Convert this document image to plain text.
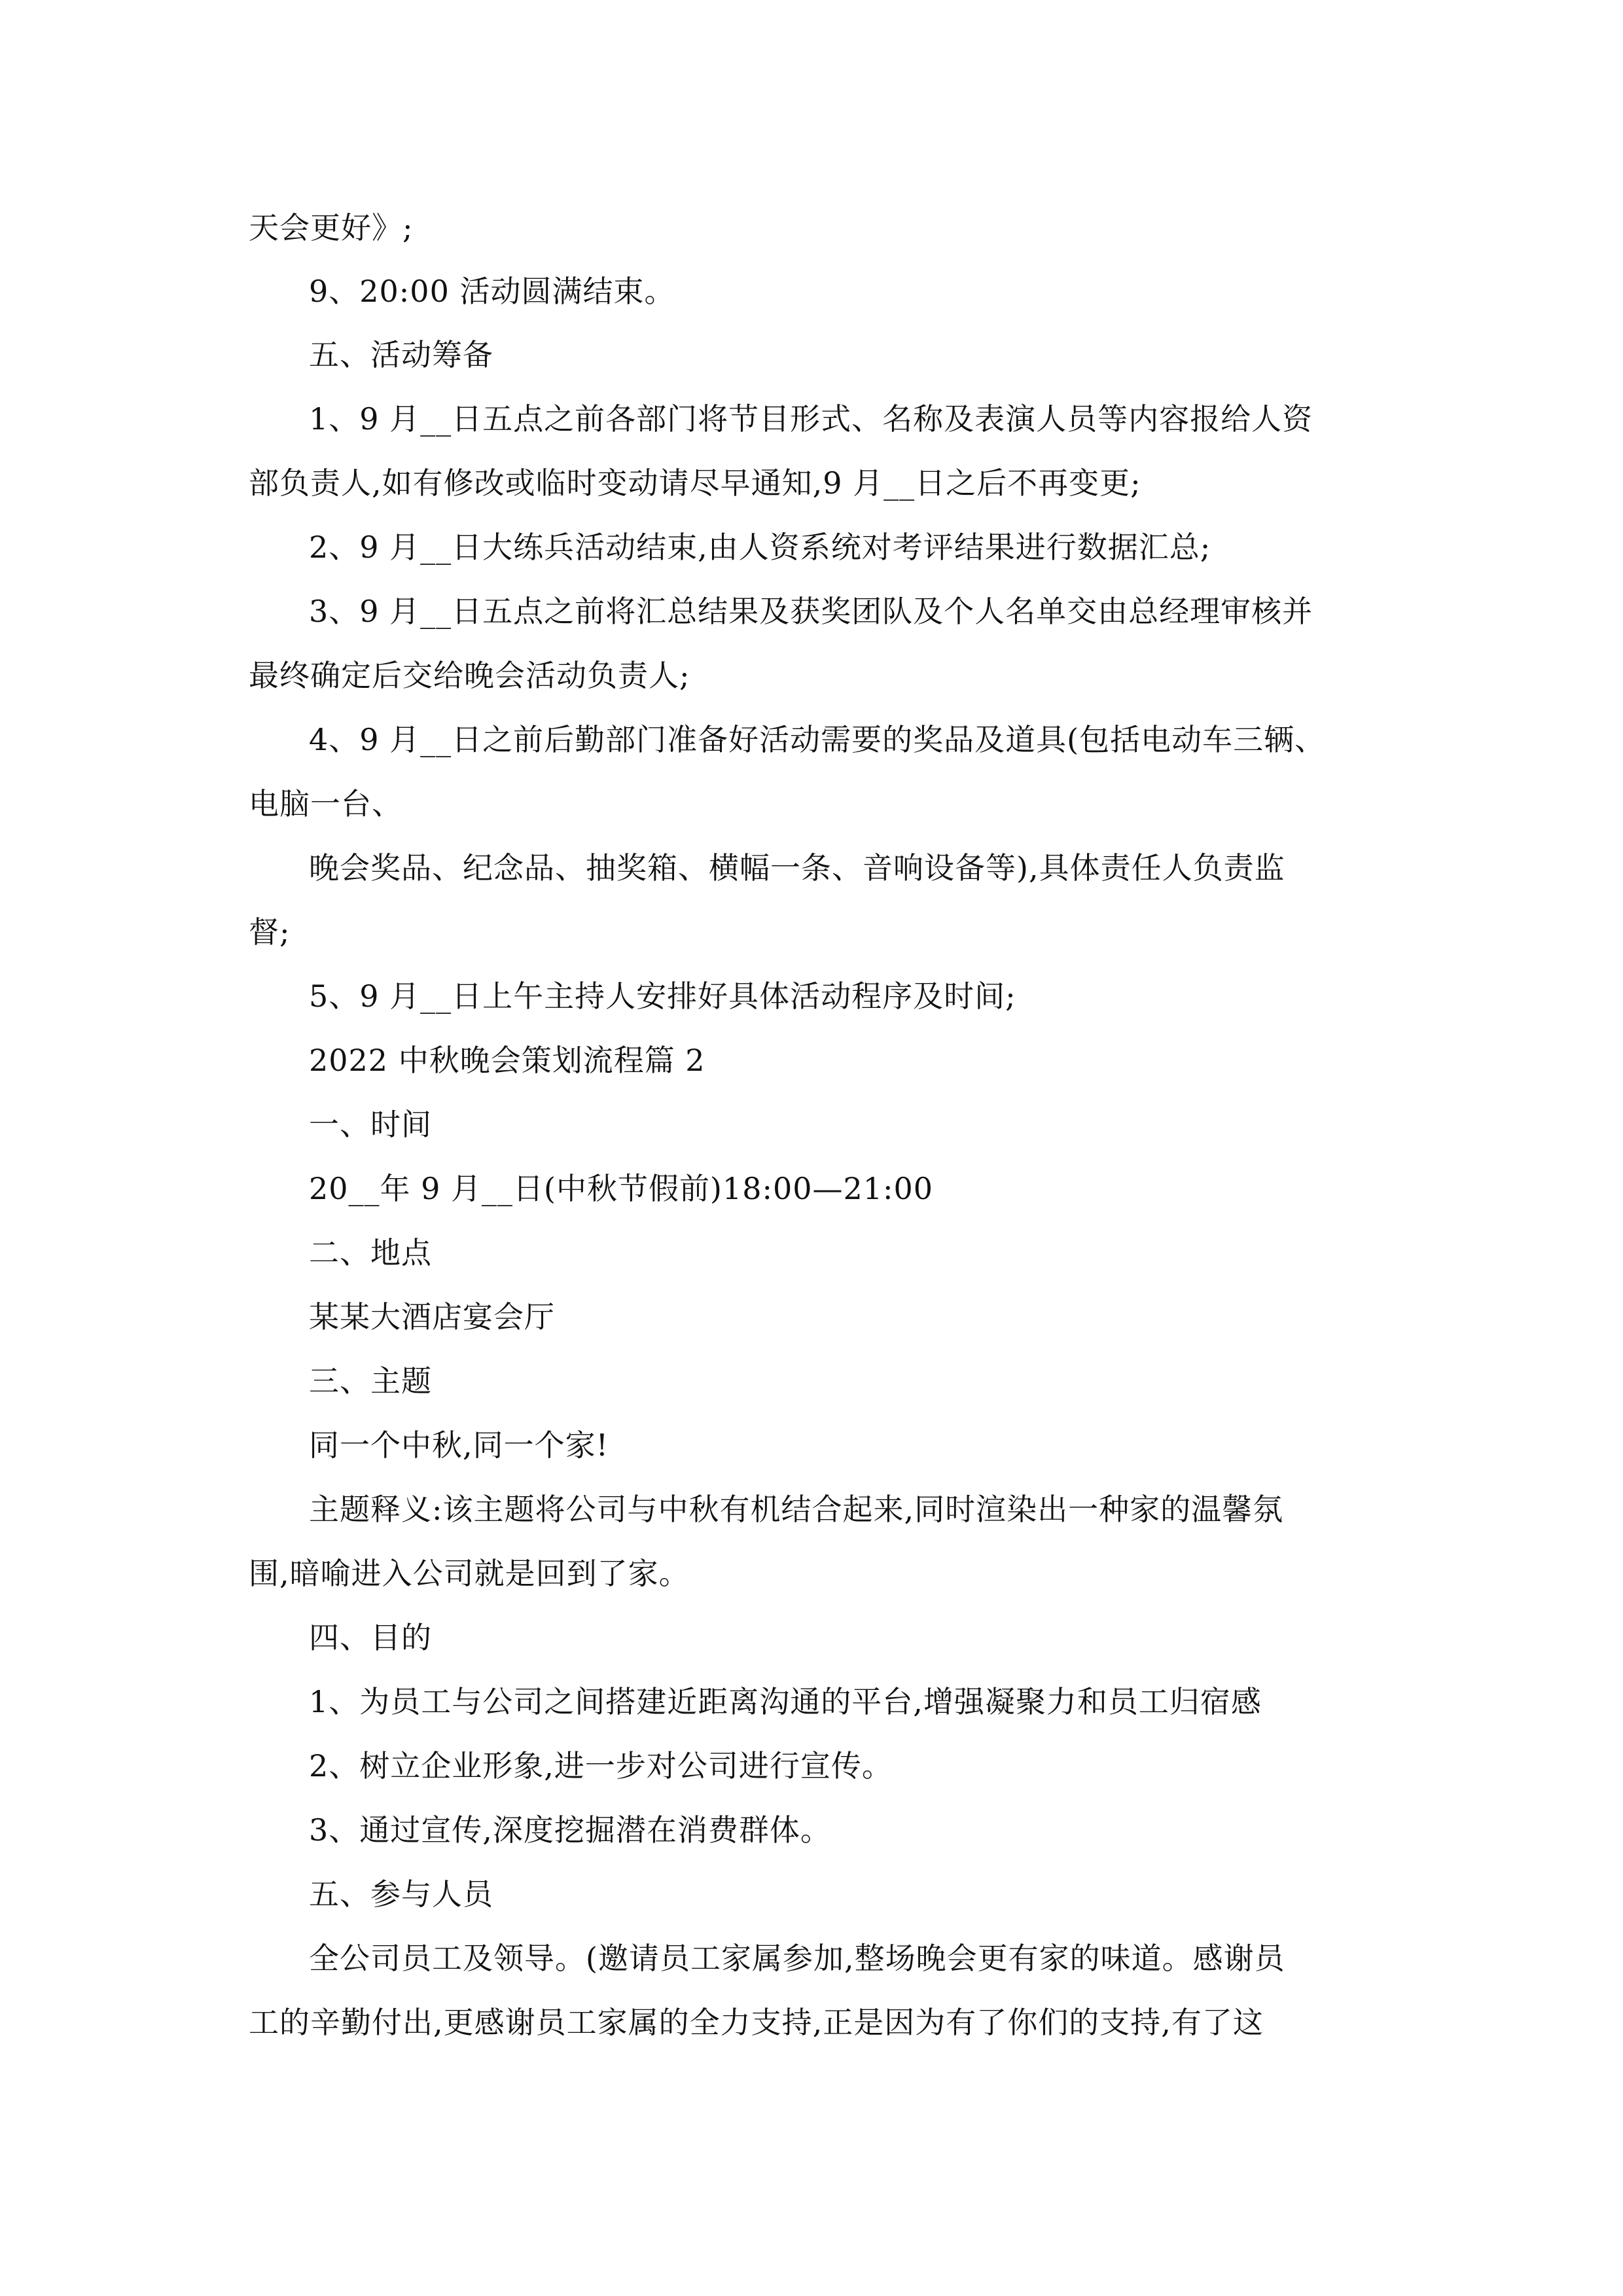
天会更好》;
9、20:00 活动圆满结束。
五、活动筹备
1、9 月__日五点之前各部门将节目形式、名称及表演人员等内容报给人资
部负责人,如有修改或临时变动请尽早通知,9 月__日之后不再变更;
2、9 月__日大练兵活动结束,由人资系统对考评结果进行数据汇总;
3、9 月__日五点之前将汇总结果及获奖团队及个人名单交由总经理审核并
最终确定后交给晚会活动负责人;
4、9 月__日之前后勤部门准备好活动需要的奖品及道具(包括电动车三辆、
电脑一台、
晚会奖品、纪念品、抽奖箱、横幅一条、音响设备等),具体责任人负责监
督;
5、9 月__日上午主持人安排好具体活动程序及时间;
2022 中秋晚会策划流程篇 2
一、时间
20__年 9 月__日(中秋节假前)18:00—21:00
二、地点
某某大酒店宴会厅
三、主题
同一个中秋,同一个家!
主题释义:该主题将公司与中秋有机结合起来,同时渲染出一种家的温馨氛
围,暗喻进入公司就是回到了家。
四、目的
1、为员工与公司之间搭建近距离沟通的平台,增强凝聚力和员工归宿感
2、树立企业形象,进一步对公司进行宣传。
3、通过宣传,深度挖掘潜在消费群体。
五、参与人员
全公司员工及领导。(邀请员工家属参加,整场晚会更有家的味道。感谢员
工的辛勤付出,更感谢员工家属的全力支持,正是因为有了你们的支持,有了这
